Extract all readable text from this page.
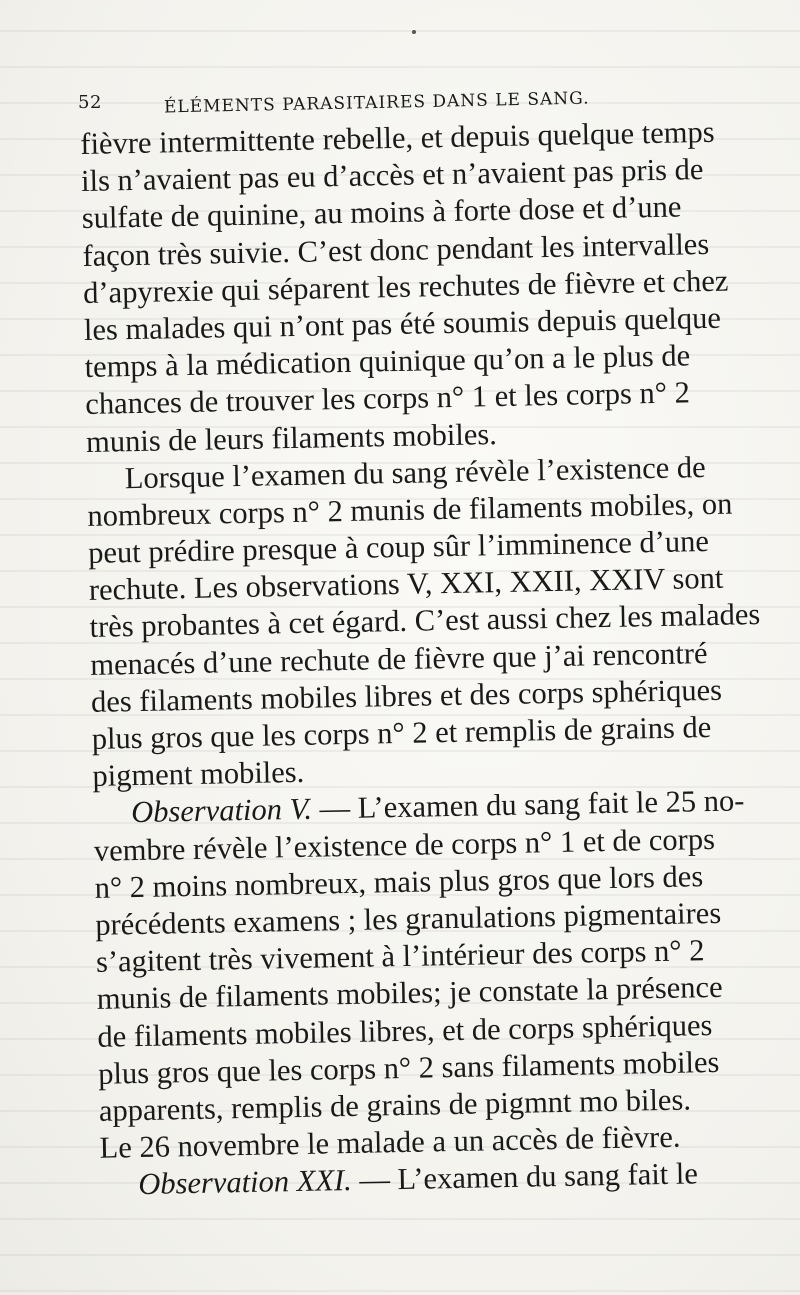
52	ÉLÉMENTS PARASITAIRES DANS LE SANG.
fièvre intermittente rebelle, et depuis quelque temps
ils n’avaient pas eu d’accès et n’avaient pas pris de
sulfate de quinine, au moins à forte dose et d’une
façon très suivie. C’est donc pendant les intervalles
d’apyrexie qui séparent les rechutes de fièvre et chez
les malades qui n’ont pas été soumis depuis quelque
temps à la médication quinique qu’on a le plus de
chances de trouver les corps n° 1 et les corps n° 2
munis de leurs filaments mobiles.
Lorsque l’examen du sang révèle l’existence de
nombreux corps n° 2 munis de filaments mobiles, on
peut prédire presque à coup sûr l’imminence d’une
rechute. Les observations V, XXI, XXII, XXIV sont
très probantes à cet égard. C’est aussi chez les malades
menacés d’une rechute de fièvre que j’ai rencontré
des filaments mobiles libres et des corps sphériques
plus gros que les corps n° 2 et remplis de grains de
pigment mobiles.
Observation V. — L’examen du sang fait le 25 no-
vembre révèle l’existence de corps n° 1 et de corps
n° 2 moins nombreux, mais plus gros que lors des
précédents examens ; les granulations pigmentaires
s’agitent très vivement à l’intérieur des corps n° 2
munis de filaments mobiles; je constate la présence
de filaments mobiles libres, et de corps sphériques
plus gros que les corps n° 2 sans filaments mobiles
apparents, remplis de grains de pigmnt mo biles.
Le 26 novembre le malade a un accès de fièvre.
Observation XXI. — L’examen du sang fait le
